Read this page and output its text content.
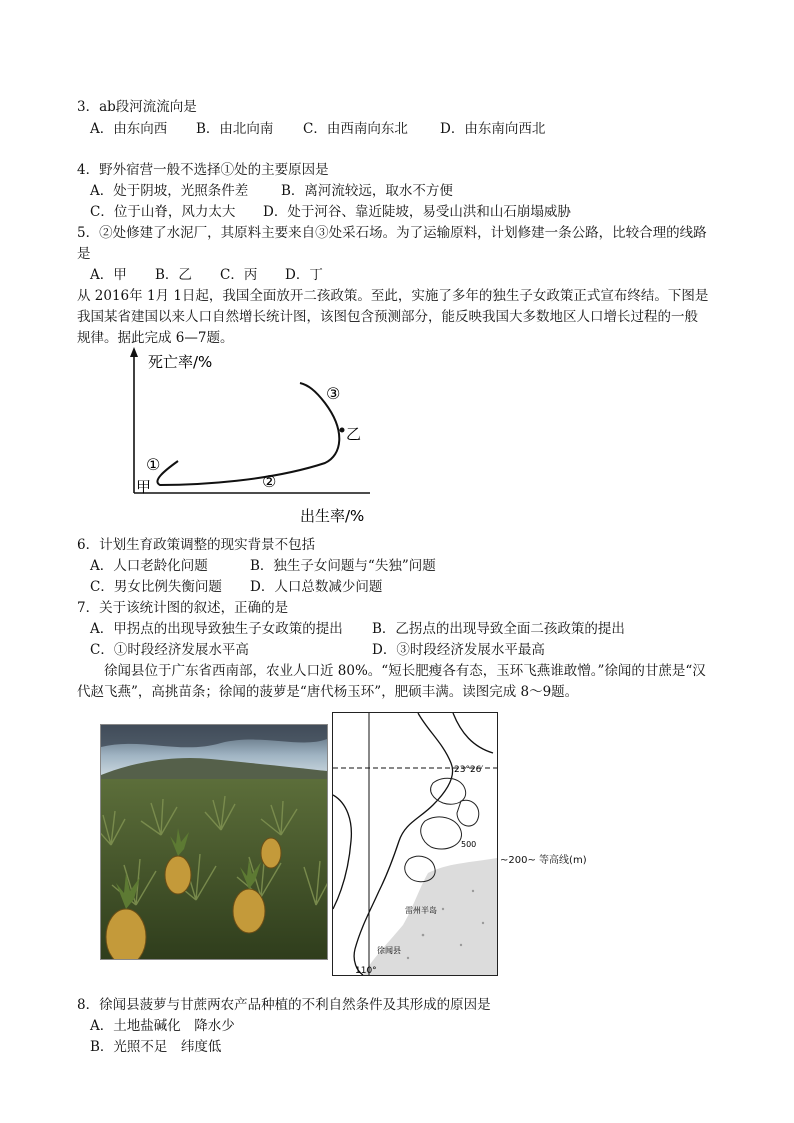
3．ab段河流流向是
A．由东向西 B．由北向南 C．由西南向东北 D．由东南向西北
4．野外宿营一般不选择①处的主要原因是
A．处于阴坡，光照条件差 B．离河流较远，取水不方便
C．位于山脊，风力太大 D．处于河谷、靠近陡坡，易受山洪和山石崩塌威胁
5．②处修建了水泥厂，其原料主要来自③处采石场。为了运输原料，计划修建一条公路，比较合理的线路
是
A．甲 B．乙 C．丙 D．丁
从 2016年 1月 1日起，我国全面放开二孩政策。至此，实施了多年的独生子女政策正式宣布终结。下图是
我国某省建国以来人口自然增长统计图，该图包含预测部分，能反映我国大多数地区人口增长过程的一般
规律。据此完成 6—7题。
死亡率/%
出生率/%
甲
乙
①
②
③
6．计划生育政策调整的现实背景不包括
A．人口老龄化问题	B．独生子女问题与“失独”问题
C．男女比例失衡问题 D．人口总数减少问题
7．关于该统计图的叙述，正确的是
A．甲拐点的出现导致独生子女政策的提出 B．乙拐点的出现导致全面二孩政策的提出
C．①时段经济发展水平高	D．③时段经济发展水平最高
徐闻县位于广东省西南部，农业人口近 80%。“短长肥瘦各有态，玉环飞燕谁敢憎。”徐闻的甘蔗是“汉
代赵飞燕”，高挑苗条；徐闻的菠萝是“唐代杨玉环”，肥硕丰满。读图完成 8～9题。
23°26′
110°
500
雷州半岛
徐闻县
~200~ 等高线(m)
8．徐闻县菠萝与甘蔗两农产品种植的不利自然条件及其形成的原因是
A．土地盐碱化　降水少
B．光照不足　纬度低
